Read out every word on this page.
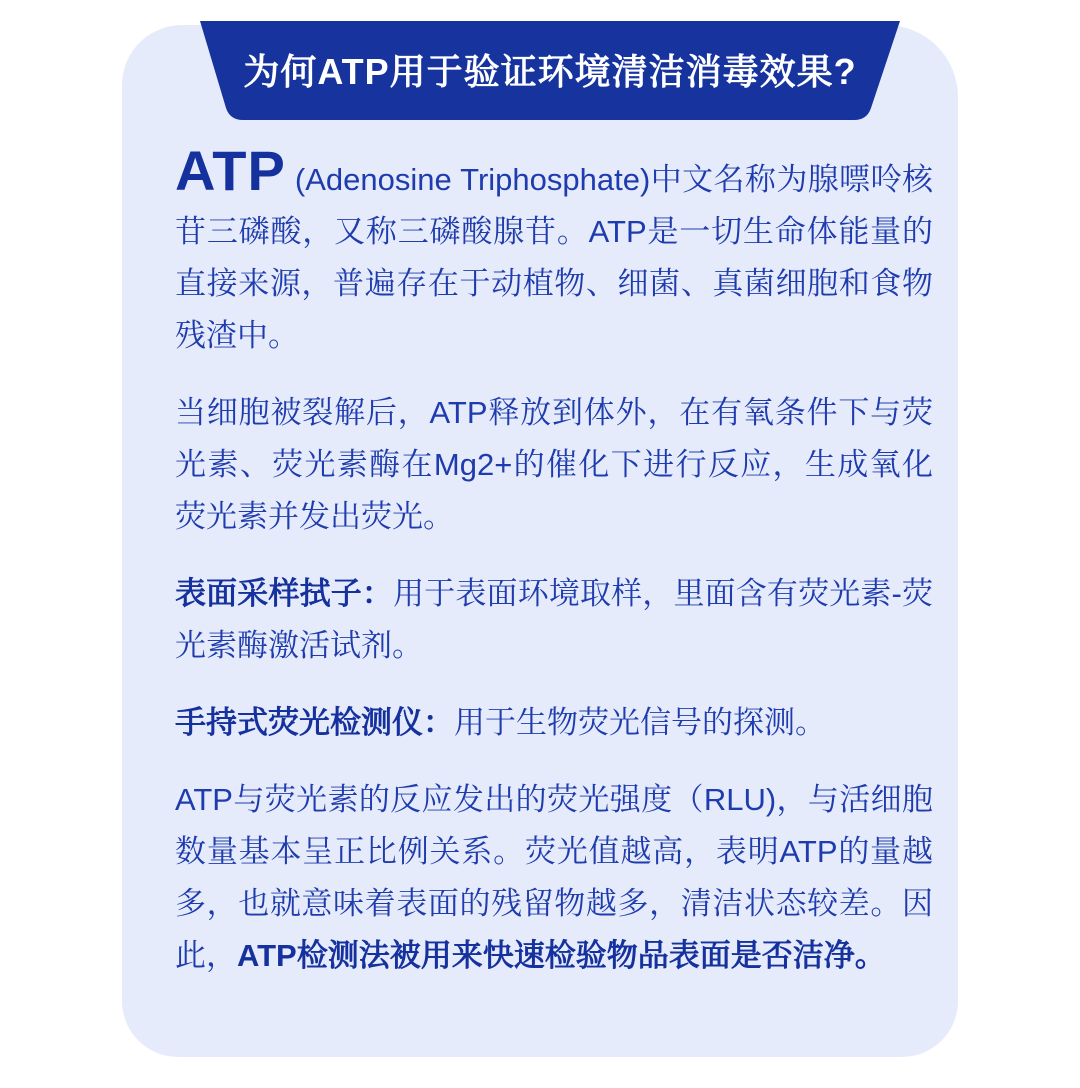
为何ATP用于验证环境清洁消毒效果?

ATP (Adenosine Triphosphate)中文名称为腺嘌呤核苷三磷酸，又称三磷酸腺苷。ATP是一切生命体能量的直接来源，普遍存在于动植物、细菌、真菌细胞和食物残渣中。

当细胞被裂解后，ATP释放到体外，在有氧条件下与荧光素、荧光素酶在Mg2+的催化下进行反应，生成氧化荧光素并发出荧光。

表面采样拭子：用于表面环境取样，里面含有荧光素-荧光素酶激活试剂。

手持式荧光检测仪：用于生物荧光信号的探测。

ATP与荧光素的反应发出的荧光强度（RLU)，与活细胞数量基本呈正比例关系。荧光值越高，表明ATP的量越多，也就意味着表面的残留物越多，清洁状态较差。因此，ATP检测法被用来快速检验物品表面是否洁净。
